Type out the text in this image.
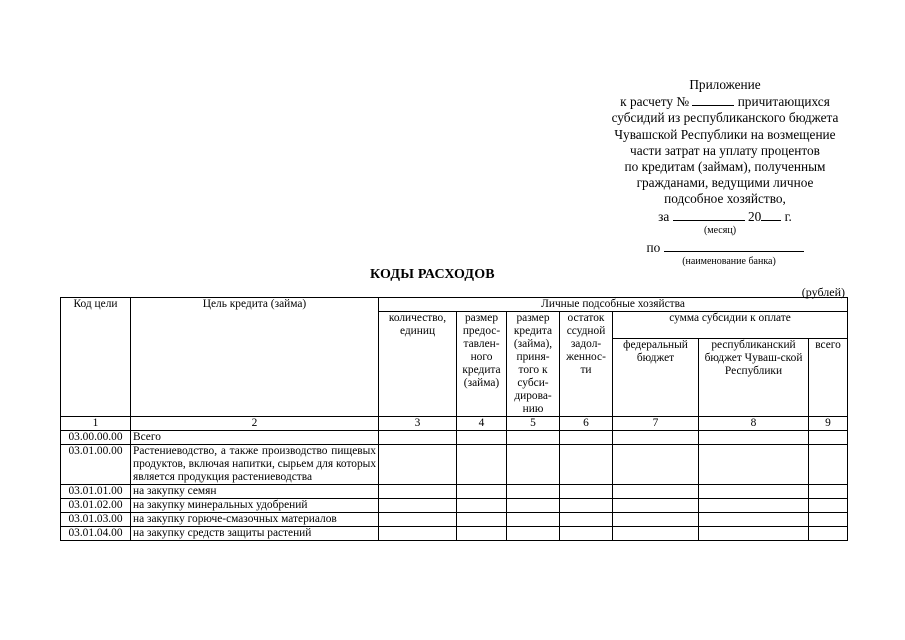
Приложение
к расчету №	причитающихся
субсидий из республиканского бюджета
Чувашской Республики на возмещение
части затрат на уплату процентов
по кредитам (займам), полученным
гражданами, ведущими личное
подсобное хозяйство,
за	20 г.
(месяц)
по
(наименование банка)
КОДЫ РАСХОДОВ
(рублей)
Код цели	Цель кредита (займа)	Личные подсобные хозяйства						
		количество, единиц	размер предос-тавлен-ного кредита (займа)	размер кредита (займа), приня-того к субси-дирова-нию	остаток ссудной задол-женнос-ти	сумма субсидии к оплате		
						федеральный бюджет	республиканский бюджет Чуваш-ской Республики	всего
1	2	3	4	5	6	7	8	9
03.00.00.00	Всего							
03.01.00.00	Растениеводство, а также производство пищевых продуктов, включая напитки, сырьем для которых является продукция растениеводства							
03.01.01.00	на закупку семян							
03.01.02.00	на закупку минеральных удобрений							
03.01.03.00	на закупку горюче-смазочных материалов							
03.01.04.00	на закупку средств защиты растений							
